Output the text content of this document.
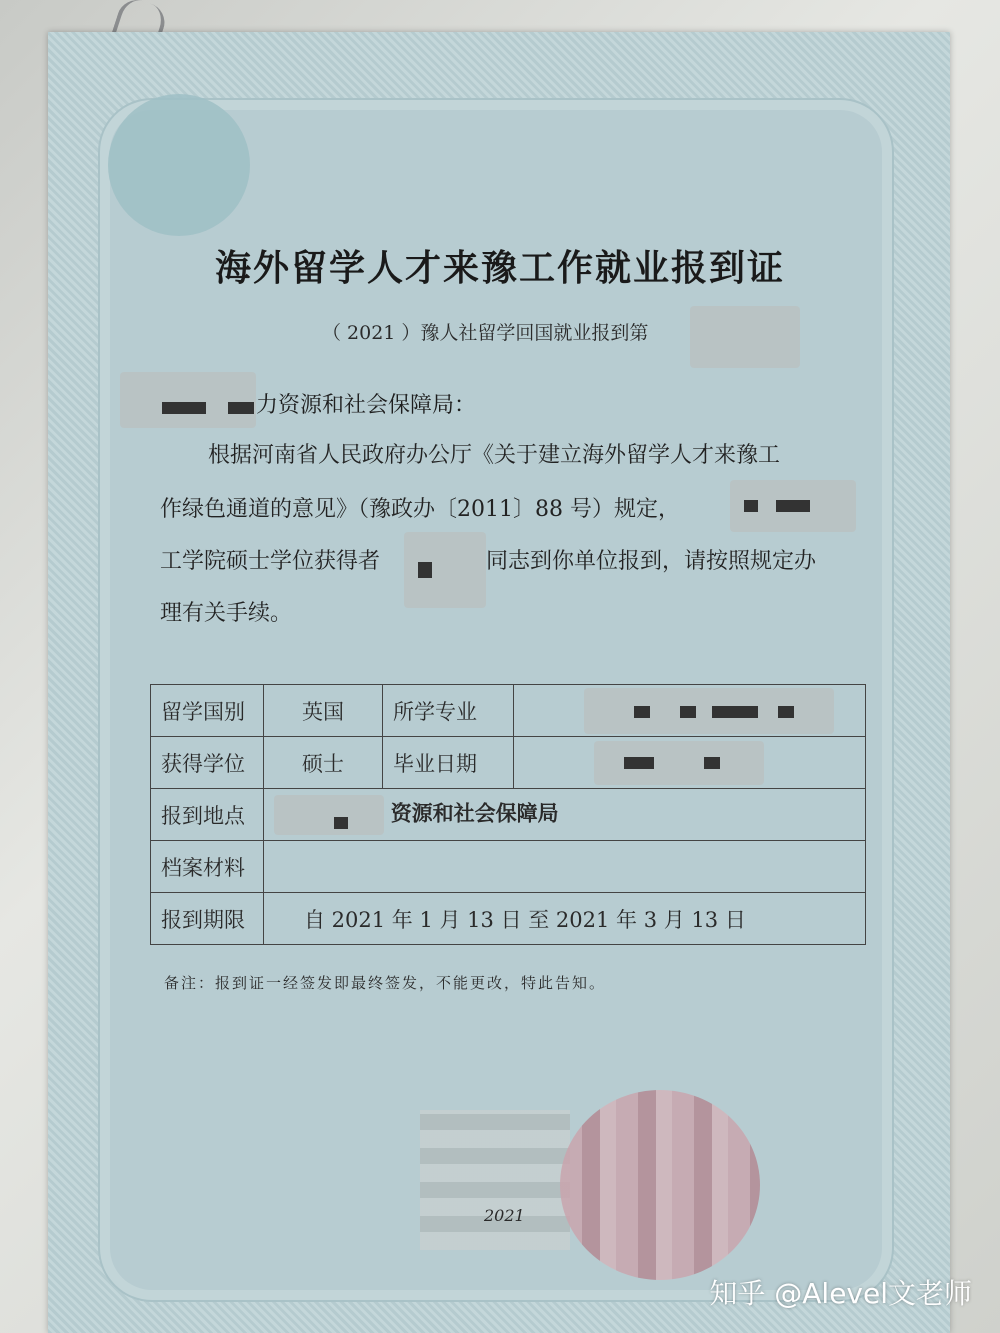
海外留学人才来豫工作就业报到证
（ 2021 ）豫人社留学回国就业报到第
力资源和社会保障局：
根据河南省人民政府办公厅《关于建立海外留学人才来豫工
作绿色通道的意见》（豫政办〔2011〕88 号）规定，
工学院硕士学位获得者	同志到你单位报到，请按照规定办
理有关手续。
留学国别	英国	所学专业	

获得学位	硕士	毕业日期	

报到地点	资源和社会保障局		
档案材料			
报到期限	自 2021 年 1 月 13 日 至 2021 年 3 月 13 日		
备注：报到证一经签发即最终签发，不能更改，特此告知。
2021
知乎 @Alevel文老师
